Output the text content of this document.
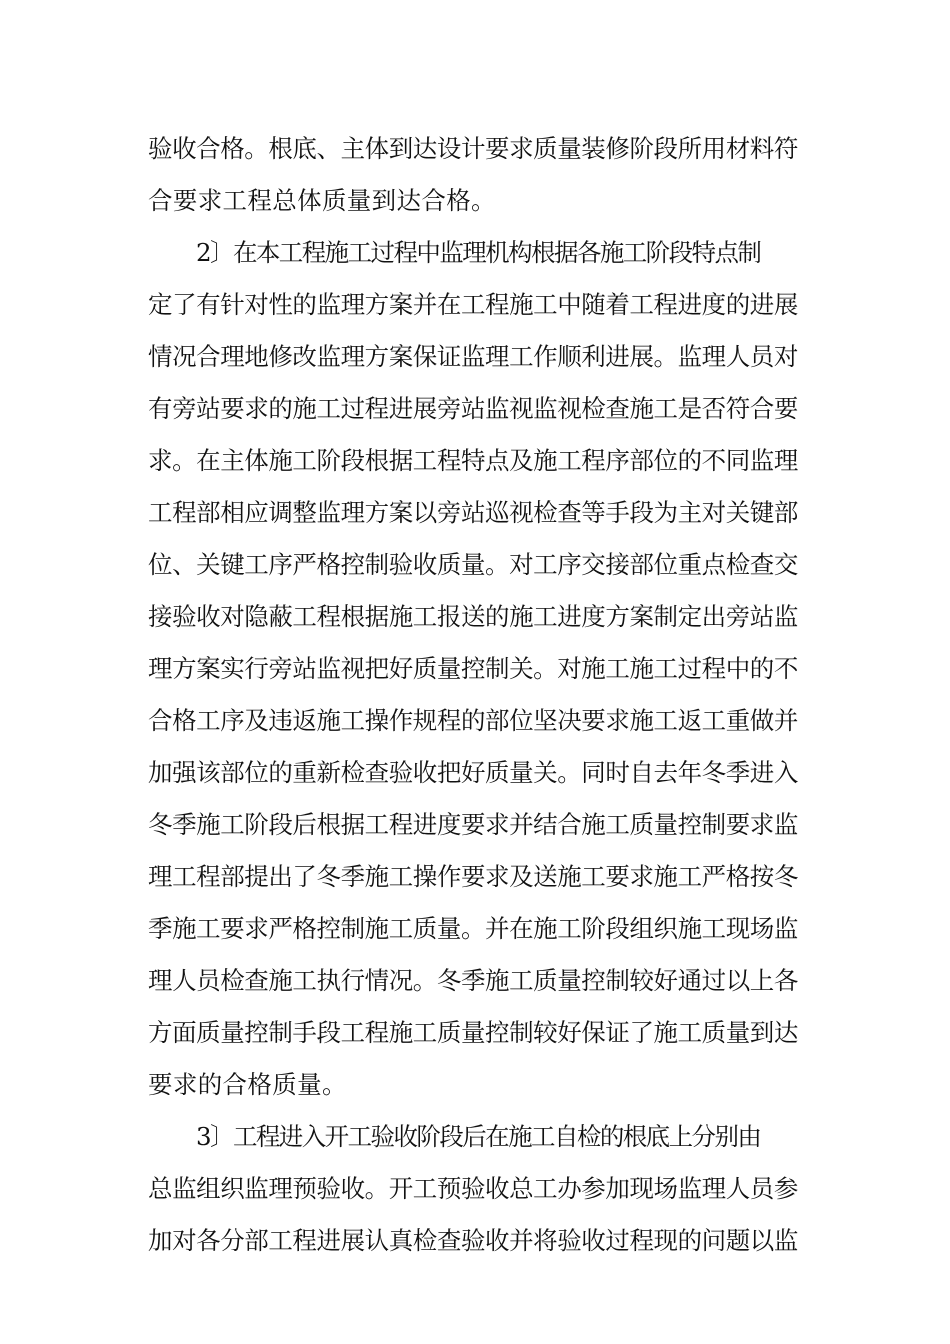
验收合格。根底、主体到达设计要求质量装修阶段所用材料符
合要求工程总体质量到达合格。
2〕在本工程施工过程中监理机构根据各施工阶段特点制
定了有针对性的监理方案并在工程施工中随着工程进度的进展
情况合理地修改监理方案保证监理工作顺利进展。监理人员对
有旁站要求的施工过程进展旁站监视监视检查施工是否符合要
求。在主体施工阶段根据工程特点及施工程序部位的不同监理
工程部相应调整监理方案以旁站巡视检查等手段为主对关键部
位、关键工序严格控制验收质量。对工序交接部位重点检查交
接验收对隐蔽工程根据施工报送的施工进度方案制定出旁站监
理方案实行旁站监视把好质量控制关。对施工施工过程中的不
合格工序及违返施工操作规程的部位坚决要求施工返工重做并
加强该部位的重新检查验收把好质量关。同时自去年冬季进入
冬季施工阶段后根据工程进度要求并结合施工质量控制要求监
理工程部提出了冬季施工操作要求及送施工要求施工严格按冬
季施工要求严格控制施工质量。并在施工阶段组织施工现场监
理人员检查施工执行情况。冬季施工质量控制较好通过以上各
方面质量控制手段工程施工质量控制较好保证了施工质量到达
要求的合格质量。
3〕工程进入开工验收阶段后在施工自检的根底上分别由
总监组织监理预验收。开工预验收总工办参加现场监理人员参
加对各分部工程进展认真检查验收并将验收过程现的问题以监
